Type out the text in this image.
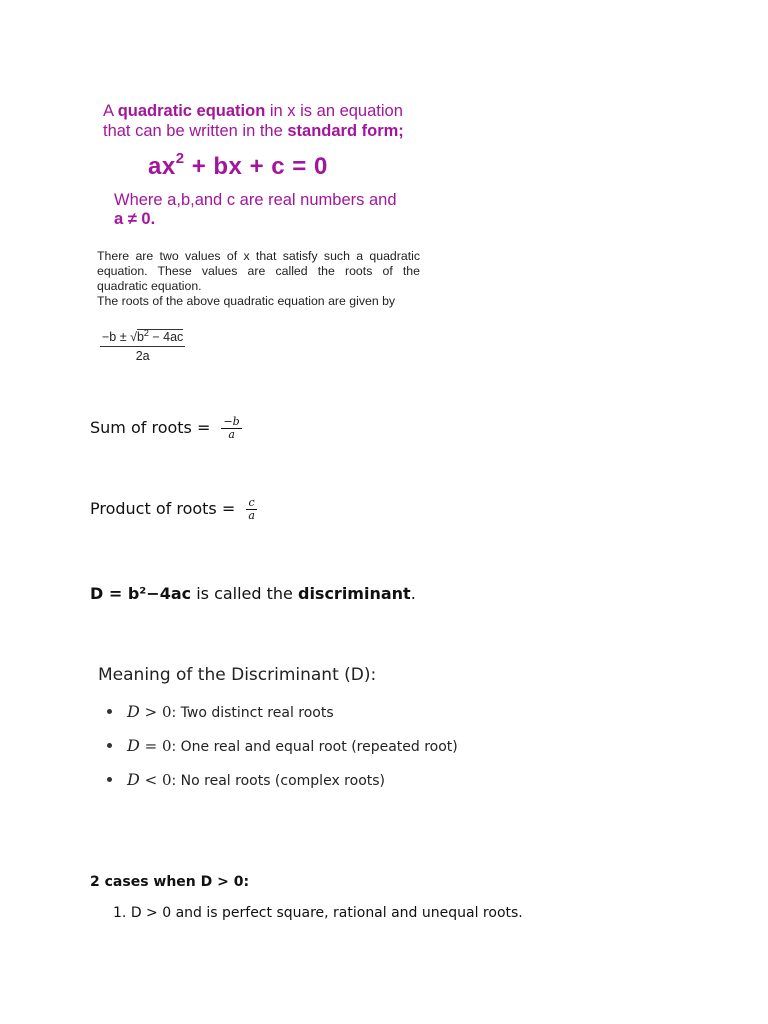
A quadratic equation in x is an equation
that can be written in the standard form;
$ax^2$ + bx + c = 0
Where a,b,and c are real numbers and
a ≠ 0.
There are two values of x that satisfy such a quadratic
equation. These values are called the roots of the
quadratic equation.
The roots of the above quadratic equation are given by
$\frac{-b \pm √b^2 - 4ac}{2a}$
Sum of roots = $\frac{-b}{a}$
Product of roots = $\frac{c}{a}$
D = b²−4ac is called the discriminant.
Meaning of the Discriminant (D):
D > 0: Two distinct real roots
D = 0: One real and equal root (repeated root)
D < 0: No real roots (complex roots)
2 cases when D > 0:
1. D > 0 and is perfect square, rational and unequal roots.
